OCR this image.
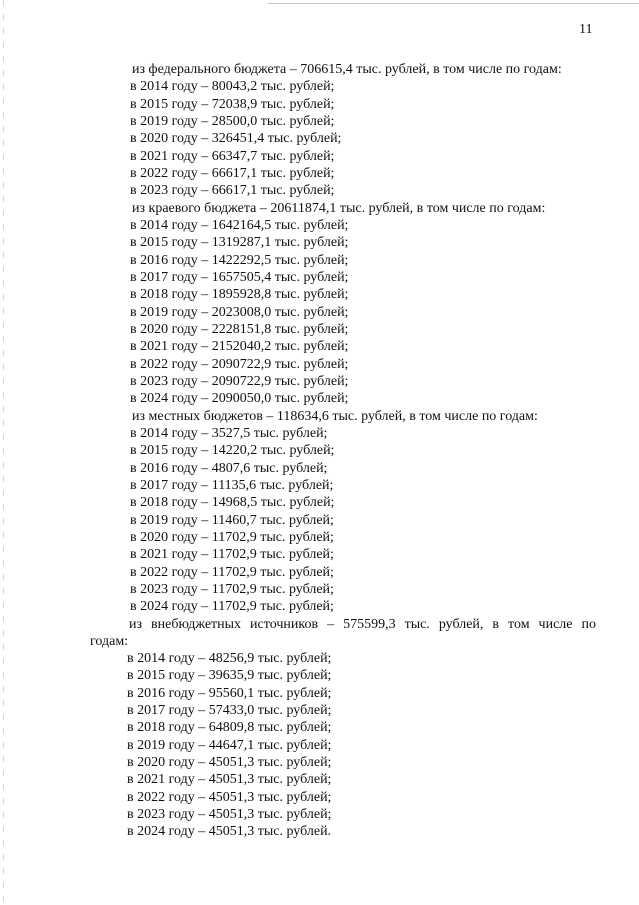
11
из федерального бюджета – 706615,4 тыс. рублей, в том числе по годам:
в 2014 году – 80043,2 тыс. рублей;
в 2015 году – 72038,9 тыс. рублей;
в 2019 году – 28500,0 тыс. рублей;
в 2020 году – 326451,4 тыс. рублей;
в 2021 году – 66347,7 тыс. рублей;
в 2022 году – 66617,1 тыс. рублей;
в 2023 году – 66617,1 тыс. рублей;
из краевого бюджета – 20611874,1 тыс. рублей, в том числе по годам:
в 2014 году – 1642164,5 тыс. рублей;
в 2015 году – 1319287,1 тыс. рублей;
в 2016 году – 1422292,5 тыс. рублей;
в 2017 году – 1657505,4 тыс. рублей;
в 2018 году – 1895928,8 тыс. рублей;
в 2019 году – 2023008,0 тыс. рублей;
в 2020 году – 2228151,8 тыс. рублей;
в 2021 году – 2152040,2 тыс. рублей;
в 2022 году – 2090722,9 тыс. рублей;
в 2023 году – 2090722,9 тыс. рублей;
в 2024 году – 2090050,0 тыс. рублей;
из местных бюджетов – 118634,6 тыс. рублей, в том числе по годам:
в 2014 году – 3527,5 тыс. рублей;
в 2015 году – 14220,2 тыс. рублей;
в 2016 году – 4807,6 тыс. рублей;
в 2017 году – 11135,6 тыс. рублей;
в 2018 году – 14968,5 тыс. рублей;
в 2019 году – 11460,7 тыс. рублей;
в 2020 году – 11702,9 тыс. рублей;
в 2021 году – 11702,9 тыс. рублей;
в 2022 году – 11702,9 тыс. рублей;
в 2023 году – 11702,9 тыс. рублей;
в 2024 году – 11702,9 тыс. рублей;
из внебюджетных источников – 575599,3 тыс. рублей, в том числе по
годам:
в 2014 году – 48256,9 тыс. рублей;
в 2015 году – 39635,9 тыс. рублей;
в 2016 году – 95560,1 тыс. рублей;
в 2017 году – 57433,0 тыс. рублей;
в 2018 году – 64809,8 тыс. рублей;
в 2019 году – 44647,1 тыс. рублей;
в 2020 году – 45051,3 тыс. рублей;
в 2021 году – 45051,3 тыс. рублей;
в 2022 году – 45051,3 тыс. рублей;
в 2023 году – 45051,3 тыс. рублей;
в 2024 году – 45051,3 тыс. рублей.
